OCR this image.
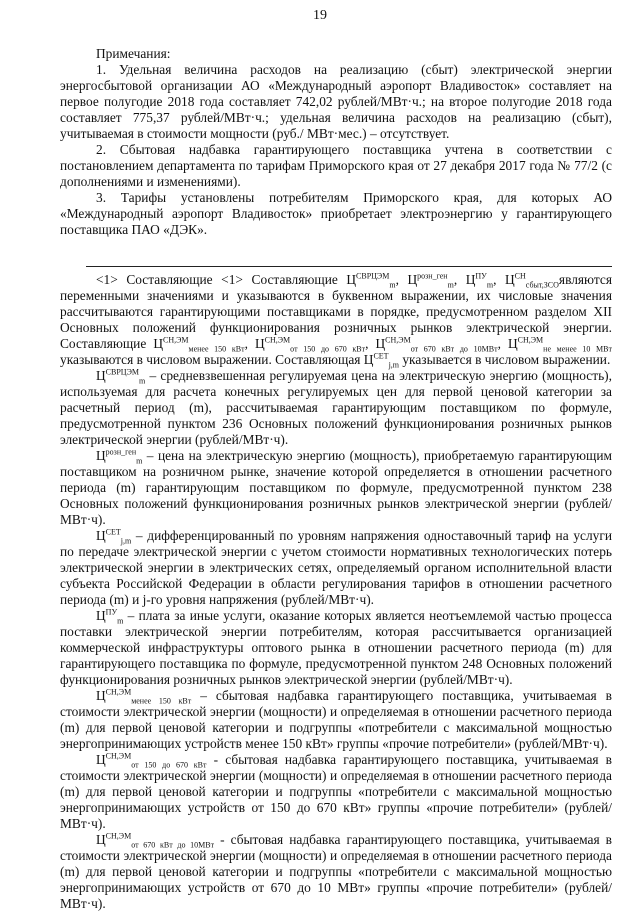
19

Примечания:

1. Удельная величина расходов на реализацию (сбыт) электрической энергии энергосбытовой организации АО «Международный аэропорт Владивосток» составляет на первое полугодие 2018 года составляет 742,02 рублей/МВт·ч.; на второе полугодие 2018 года составляет 775,37 рублей/МВт·ч.; удельная величина расходов на реализацию (сбыт), учитываемая в стоимости мощности (руб./ МВт·мес.) – отсутствует.

2. Сбытовая надбавка гарантирующего поставщика учтена в соответствии с постановлением департамента по тарифам Приморского края от 27 декабря 2017 года № 77/2 (с дополнениями и изменениями).

3. Тарифы установлены потребителям Приморского края, для которых АО «Международный аэропорт Владивосток» приобретает электроэнергию у гарантирующего поставщика ПАО «ДЭК».

<1> Составляющие <1> Составляющие $Ц^{СВРЦЭМ}_m$, $Ц^{розн\_ген}_m$, $Ц^{ПУ}_m$, $Ц^{СН}_{сбыт,ЗСО}являются$ переменными значениями и указываются в буквенном выражении, их числовые значения рассчитываются гарантирующими поставщиками в порядке, предусмотренном разделом XII Основных положений функционирования розничных рынков электрической энергии. Составляющие $Ц^{СН,ЭМ}_{менее 150 кВт}$, $Ц^{СН,ЭМ}_{от 150 до 670 кВт}$, $Ц^{СН,ЭМ}_{от 670 кВт до 10МВт}$, $Ц^{СН,ЭМ}_{не менее 10 МВт}$ указываются в числовом выражении. Составляющая $Ц^{СЕТ}_{j,m}$ указывается в числовом выражении.

$Ц^{СВРЦЭМ}_m$ – средневзвешенная регулируемая цена на электрическую энергию (мощность), используемая для расчета конечных регулируемых цен для первой ценовой категории за расчетный период (m), рассчитываемая гарантирующим поставщиком по формуле, предусмотренной пунктом 236 Основных положений функционирования розничных рынков электрической энергии (рублей/МВт·ч).

$Ц^{розн\_ген}_m$ – цена на электрическую энергию (мощность), приобретаемую гарантирующим поставщиком на розничном рынке, значение которой определяется в отношении расчетного периода (m) гарантирующим поставщиком по формуле, предусмотренной пунктом 238 Основных положений функционирования розничных рынков электрической энергии (рублей/МВт·ч).

$Ц^{СЕТ}_{j,m}$ – дифференцированный по уровням напряжения одноставочный тариф на услуги по передаче электрической энергии с учетом стоимости нормативных технологических потерь электрической энергии в электрических сетях, определяемый органом исполнительной власти субъекта Российской Федерации в области регулирования тарифов в отношении расчетного периода (m) и j-го уровня напряжения (рублей/МВт·ч).

$Ц^{ПУ}_m$ – плата за иные услуги, оказание которых является неотъемлемой частью процесса поставки электрической энергии потребителям, которая рассчитывается организацией коммерческой инфраструктуры оптового рынка в отношении расчетного периода (m) для гарантирующего поставщика по формуле, предусмотренной пунктом 248 Основных положений функционирования розничных рынков электрической энергии (рублей/МВт·ч).

$Ц^{СН,ЭМ}_{менее 150 кВт}$ – сбытовая надбавка гарантирующего поставщика, учитываемая в стоимости электрической энергии (мощности) и определяемая в отношении расчетного периода (m) для первой ценовой категории и подгруппы «потребители с максимальной мощностью энергопринимающих устройств менее 150 кВт» группы «прочие потребители» (рублей/МВт·ч).

$Ц^{СН,ЭМ}_{от 150 до 670 кВт}$ - сбытовая надбавка гарантирующего поставщика, учитываемая в стоимости электрической энергии (мощности) и определяемая в отношении расчетного периода (m) для первой ценовой категории и подгруппы «потребители с максимальной мощностью энергопринимающих устройств от 150 до 670 кВт» группы «прочие потребители» (рублей/МВт·ч).

$Ц^{СН,ЭМ}_{от 670 кВт до 10МВт}$ - сбытовая надбавка гарантирующего поставщика, учитываемая в стоимости электрической энергии (мощности) и определяемая в отношении расчетного периода (m) для первой ценовой категории и подгруппы «потребители с максимальной мощностью энергопринимающих устройств от 670 до 10 МВт» группы «прочие потребители» (рублей/МВт·ч).
